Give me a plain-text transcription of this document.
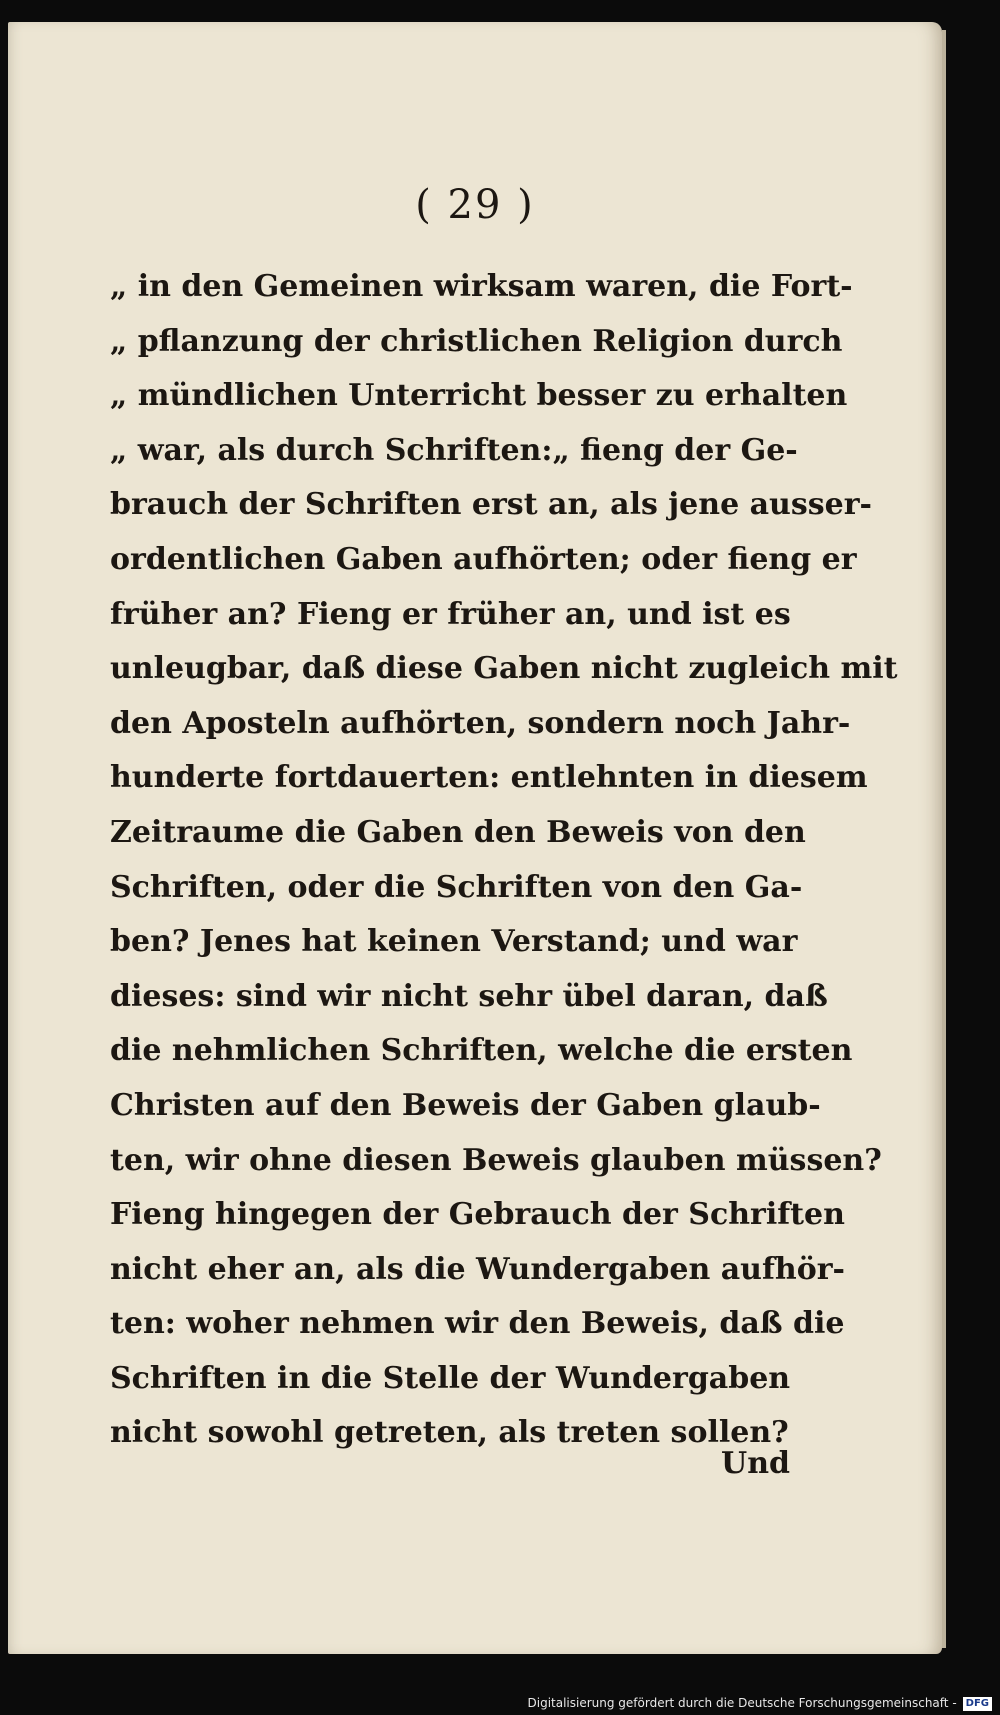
( 29 )
„ in den Gemeinen wirksam waren, die Fort-
„ pflanzung der christlichen Religion durch
„ mündlichen Unterricht besser zu erhalten
„ war, als durch Schriften:„ fieng der Ge-
brauch der Schriften erst an, als jene ausser-
ordentlichen Gaben aufhörten; oder fieng er
früher an? Fieng er früher an, und ist es
unleugbar, daß diese Gaben nicht zugleich mit
den Aposteln aufhörten, sondern noch Jahr-
hunderte fortdauerten: entlehnten in diesem
Zeitraume die Gaben den Beweis von den
Schriften, oder die Schriften von den Ga-
ben? Jenes hat keinen Verstand; und war
dieses: sind wir nicht sehr übel daran, daß
die nehmlichen Schriften, welche die ersten
Christen auf den Beweis der Gaben glaub-
ten, wir ohne diesen Beweis glauben müssen?
Fieng hingegen der Gebrauch der Schriften
nicht eher an, als die Wundergaben aufhör-
ten: woher nehmen wir den Beweis, daß die
Schriften in die Stelle der Wundergaben
nicht sowohl getreten, als treten sollen?
Und
Digitalisierung gefördert durch die Deutsche Forschungsgemeinschaft - DFG
